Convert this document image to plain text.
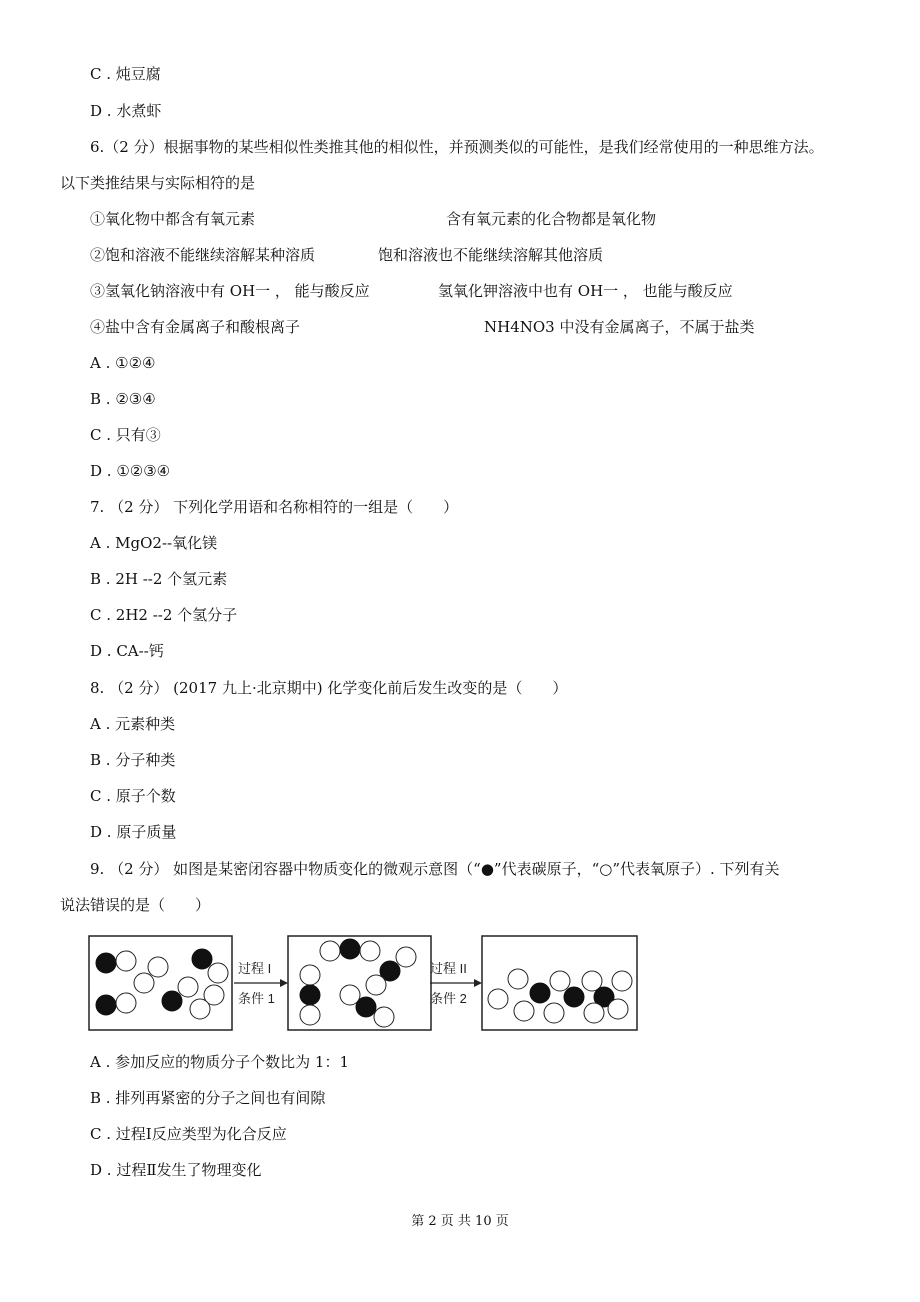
C . 炖豆腐
D . 水煮虾
6.（2 分）根据事物的某些相似性类推其他的相似性，并预测类似的可能性，是我们经常使用的一种思维方法。
以下类推结果与实际相符的是
①氧化物中都含有氧元素	含有氧元素的化合物都是氧化物
②饱和溶液不能继续溶解某种溶质	饱和溶液也不能继续溶解其他溶质
③氢氧化钠溶液中有 OH一 ， 能与酸反应	氢氧化钾溶液中也有 OH一 ， 也能与酸反应
④盐中含有金属离子和酸根离子	NH4NO3 中没有金属离子，不属于盐类
A . ①②④
B . ②③④
C . 只有③
D . ①②③④
7. （2 分） 下列化学用语和名称相符的一组是（　　）
A . MgO2--氧化镁
B . 2H --2 个氢元素
C . 2H2 --2 个氢分子
D . CA--钙
8. （2 分） (2017 九上·北京期中) 化学变化前后发生改变的是（　　）
A . 元素种类
B . 分子种类
C . 原子个数
D . 原子质量
9. （2 分） 如图是某密闭容器中物质变化的微观示意图（“●”代表碳原子，“○”代表氧原子）. 下列有关
说法错误的是（　　）
过程 I
条件 1
过程 II
条件 2
A . 参加反应的物质分子个数比为 1：1
B . 排列再紧密的分子之间也有间隙
C . 过程Ⅰ反应类型为化合反应
D . 过程Ⅱ发生了物理变化
第 2 页 共 10 页
